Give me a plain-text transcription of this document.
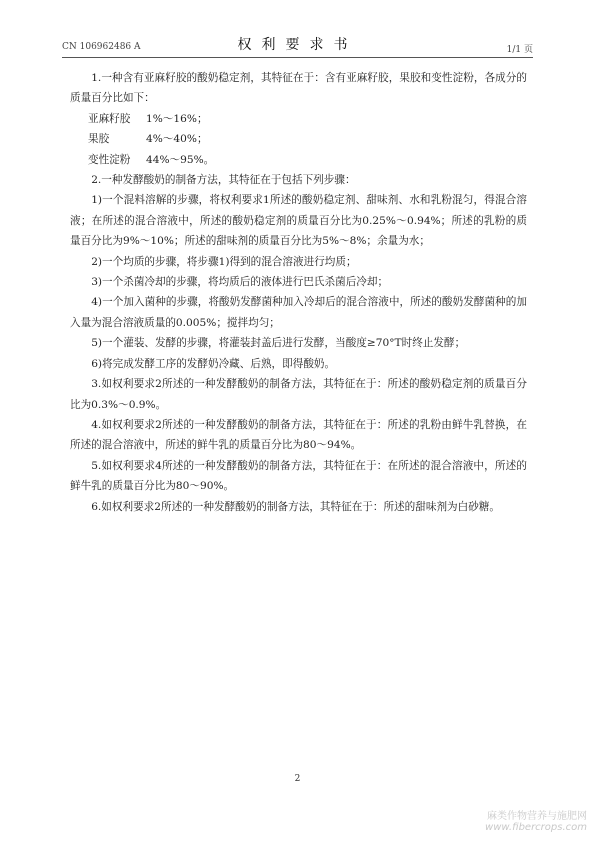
CN 106962486 A	权利要求书	1/1 页

1.一种含有亚麻籽胶的酸奶稳定剂，其特征在于：含有亚麻籽胶，果胶和变性淀粉，各成分的质量百分比如下：

亚麻籽胶	1%～16%；
果胶	4%～40%；
变性淀粉	44%～95%。

2.一种发酵酸奶的制备方法，其特征在于包括下列步骤：

1)一个混料溶解的步骤，将权利要求1所述的酸奶稳定剂、甜味剂、水和乳粉混匀，得混合溶液；在所述的混合溶液中，所述的酸奶稳定剂的质量百分比为0.25%～0.94%；所述的乳粉的质量百分比为9%～10%；所述的甜味剂的质量百分比为5%～8%；余量为水；

2)一个均质的步骤，将步骤1)得到的混合溶液进行均质；

3)一个杀菌冷却的步骤，将均质后的液体进行巴氏杀菌后冷却；

4)一个加入菌种的步骤，将酸奶发酵菌种加入冷却后的混合溶液中，所述的酸奶发酵菌种的加入量为混合溶液质量的0.005%；搅拌均匀；

5)一个灌装、发酵的步骤，将灌装封盖后进行发酵，当酸度≥70°T时终止发酵；

6)将完成发酵工序的发酵奶冷藏、后熟，即得酸奶。

3.如权利要求2所述的一种发酵酸奶的制备方法，其特征在于：所述的酸奶稳定剂的质量百分比为0.3%～0.9%。

4.如权利要求2所述的一种发酵酸奶的制备方法，其特征在于：所述的乳粉由鲜牛乳替换，在所述的混合溶液中，所述的鲜牛乳的质量百分比为80～94%。

5.如权利要求4所述的一种发酵酸奶的制备方法，其特征在于：在所述的混合溶液中，所述的鲜牛乳的质量百分比为80～90%。

6.如权利要求2所述的一种发酵酸奶的制备方法，其特征在于：所述的甜味剂为白砂糖。

2
麻类作物营养与施肥网
www.fibercrops.com
